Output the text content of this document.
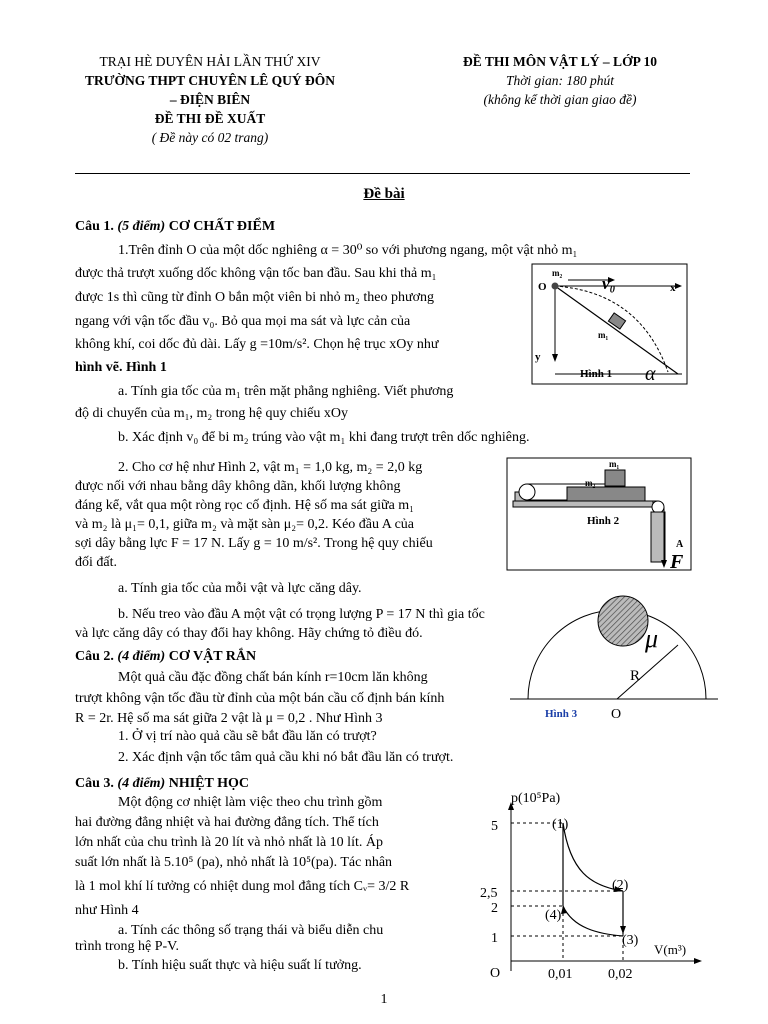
TRẠI HÈ DUYÊN HẢI LẦN THỨ XIV
TRƯỜNG THPT CHUYÊN LÊ QUÝ ĐÔN
– ĐIỆN BIÊN
ĐỀ THI ĐỀ XUẤT
( Đề này có 02 trang)
ĐỀ THI MÔN VẬT LÝ – LỚP 10
Thời gian: 180 phút
(không kể thời gian giao đề)
Đề bài
Câu 1. (5 điểm) CƠ CHẤT ĐIỂM
1.Trên đỉnh O của một dốc nghiêng α = 30⁰ so với phương ngang, một vật nhỏ m₁
được thả trượt xuống dốc không vận tốc ban đầu. Sau khi thả m₁
được 1s thì cũng từ đỉnh O bắn một viên bi nhỏ m₂ theo phương
ngang với vận tốc đầu v₀. Bỏ qua mọi ma sát và lực cản của
không khí, coi dốc đủ dài. Lấy g =10m/s². Chọn hệ trục xOy như
hình vẽ. Hình 1
a. Tính gia tốc của m₁ trên mặt phẳng nghiêng. Viết phương
độ di chuyển của m₁, m₂ trong hệ quy chiếu xOy
b. Xác định v₀ để bi m₂ trúng vào vật m₁ khi đang trượt trên dốc nghiêng.
O
m₂
v₀	x
y
m₁
Hình 1 α
2. Cho cơ hệ như Hình 2, vật m₁ = 1,0 kg, m₂ = 2,0 kg
được nối với nhau bằng dây không dãn, khối lượng không
đáng kể, vắt qua một ròng rọc cố định. Hệ số ma sát giữa m₁
và m₂ là μ₁= 0,1, giữa m₂ và mặt sàn μ₂= 0,2. Kéo đầu A của
sợi dây bằng lực F = 17 N. Lấy g = 10 m/s². Trong hệ quy chiếu
đối đất.
a. Tính gia tốc của mỗi vật và lực căng dây.
b. Nếu treo vào đầu A một vật có trọng lượng P = 17 N thì gia tốc
và lực căng dây có thay đổi hay không. Hãy chứng tỏ điều đó.
m₁
m₂
Hình 2
A
F
Câu 2. (4 điểm) CƠ VẬT RẮN
Một quả cầu đặc đồng chất bán kính r=10cm lăn không
trượt không vận tốc đầu từ đỉnh của một bán cầu cố định bán kính
R = 2r. Hệ số ma sát giữa 2 vật là μ = 0,2 . Như Hình 3
1. Ở vị trí nào quả cầu sẽ bắt đầu lăn có trượt?
2. Xác định vận tốc tâm quả cầu khi nó bắt đầu lăn có trượt.
μ
R
O
Hình 3
Câu 3. (4 điểm) NHIỆT HỌC
Một động cơ nhiệt làm việc theo chu trình gồm
hai đường đẳng nhiệt và hai đường đẳng tích. Thể tích
lớn nhất của chu trình là 20 lít và nhỏ nhất là 10 lít. Áp
suất lớn nhất là 5.10⁵ (pa), nhỏ nhất là 10⁵(pa). Tác nhân
là 1 mol khí lí tưởng có nhiệt dung mol đẳng tích Cᵥ= 3/2 R
như Hình 4
a. Tính các thông số trạng thái và biểu diễn chu
trình trong hệ P-V.
b. Tính hiệu suất thực và hiệu suất lí tưởng.
p(10⁵Pa)
V(m³)
O
5
2,5
2
1
0,01	0,02
(1)
(2)
(3)
(4)
1
